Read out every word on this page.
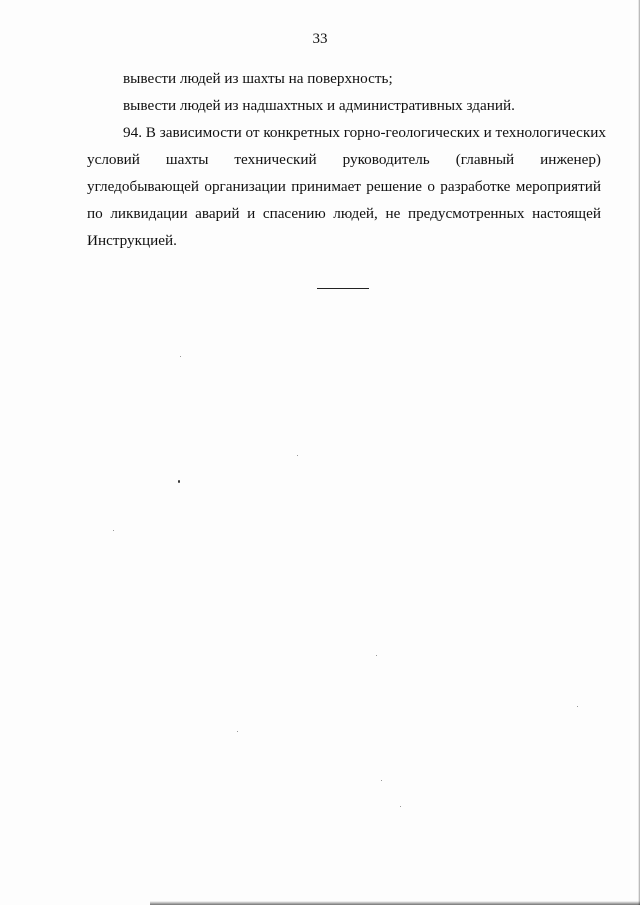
33
вывести людей из шахты на поверхность;
вывести людей из надшахтных и административных зданий.
94. В зависимости от конкретных горно-геологических и технологических
условий шахты технический руководитель (главный инженер)
угледобывающей организации принимает решение о разработке мероприятий
по ликвидации аварий и спасению людей, не предусмотренных настоящей
Инструкцией.
